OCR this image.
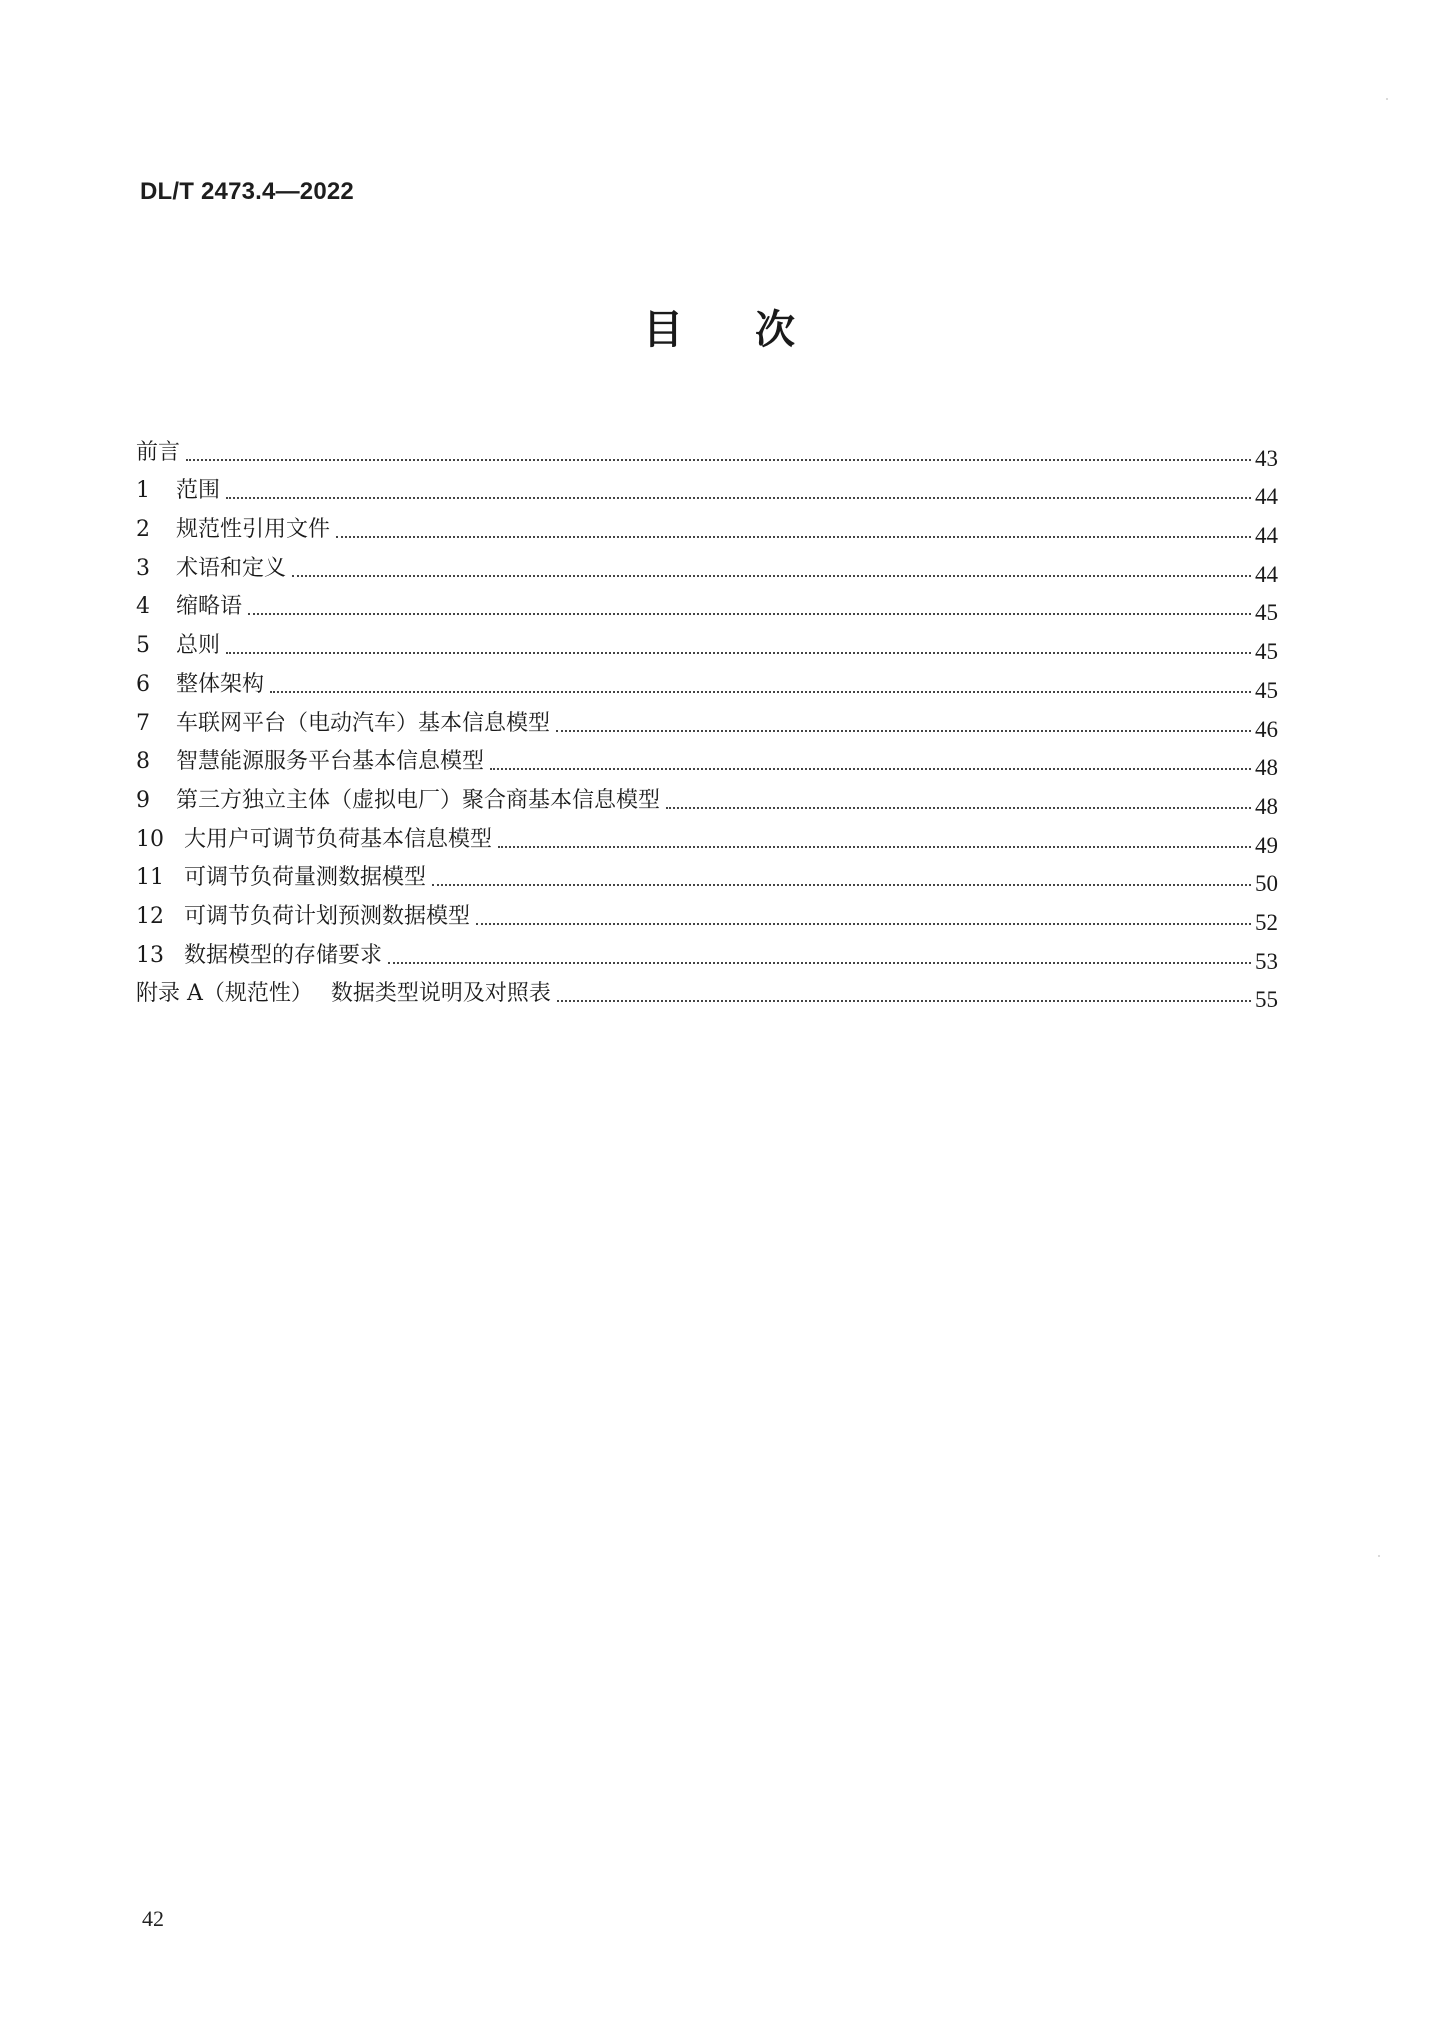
DL/T 2473.4—2022
目 次
前言	43
1	范围	44
2	规范性引用文件	44
3	术语和定义	44
4	缩略语	45
5	总则	45
6	整体架构	45
7	车联网平台（电动汽车）基本信息模型	46
8	智慧能源服务平台基本信息模型	48
9	第三方独立主体（虚拟电厂）聚合商基本信息模型	48
10 大用户可调节负荷基本信息模型	49
11 可调节负荷量测数据模型	50
12 可调节负荷计划预测数据模型	52
13 数据模型的存储要求	53
附录 A（规范性） 数据类型说明及对照表	55
42
